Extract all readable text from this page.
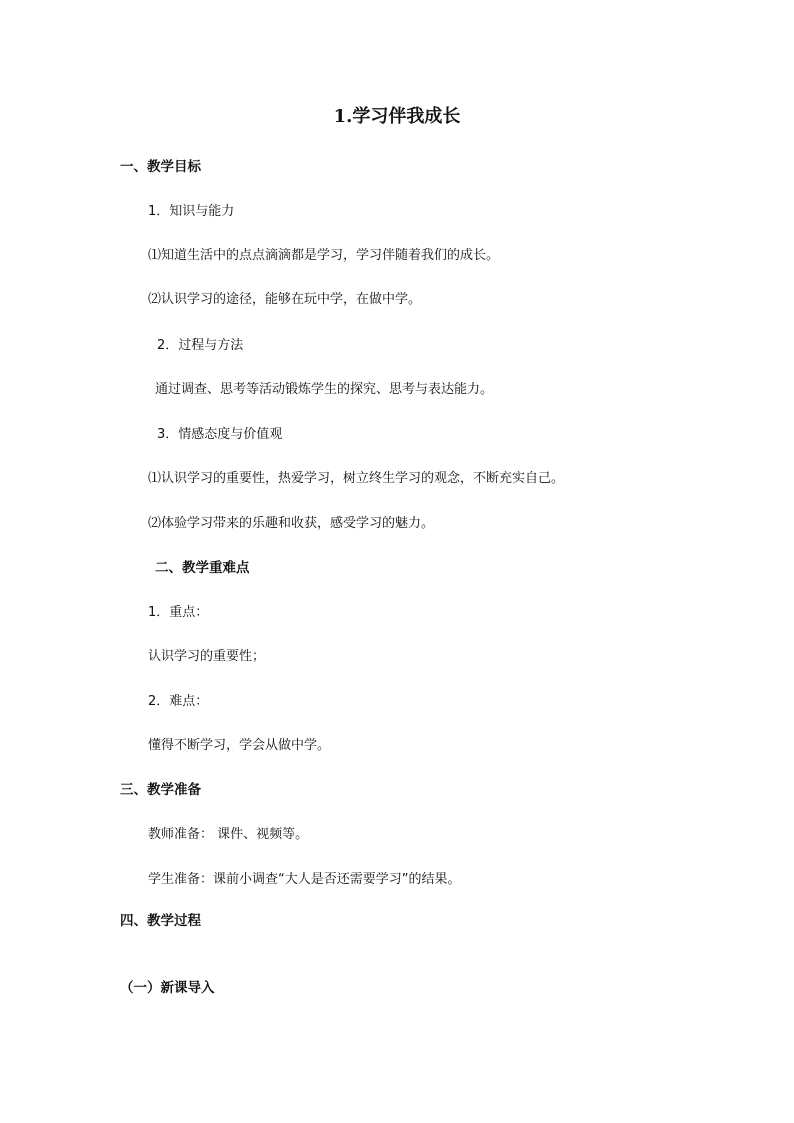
1.学习伴我成长

一、教学目标

1．知识与能力

⑴知道生活中的点点滴滴都是学习，学习伴随着我们的成长。

⑵认识学习的途径，能够在玩中学，在做中学。

2．过程与方法

通过调查、思考等活动锻炼学生的探究、思考与表达能力。

3．情感态度与价值观

⑴认识学习的重要性，热爱学习，树立终生学习的观念，不断充实自己。

⑵体验学习带来的乐趣和收获，感受学习的魅力。

二、教学重难点

1．重点：

认识学习的重要性；

2．难点：

懂得不断学习，学会从做中学。

三、教学准备

教师准备： 课件、视频等。

学生准备：课前小调查“大人是否还需要学习”的结果。

四、教学过程

（一）新课导入
